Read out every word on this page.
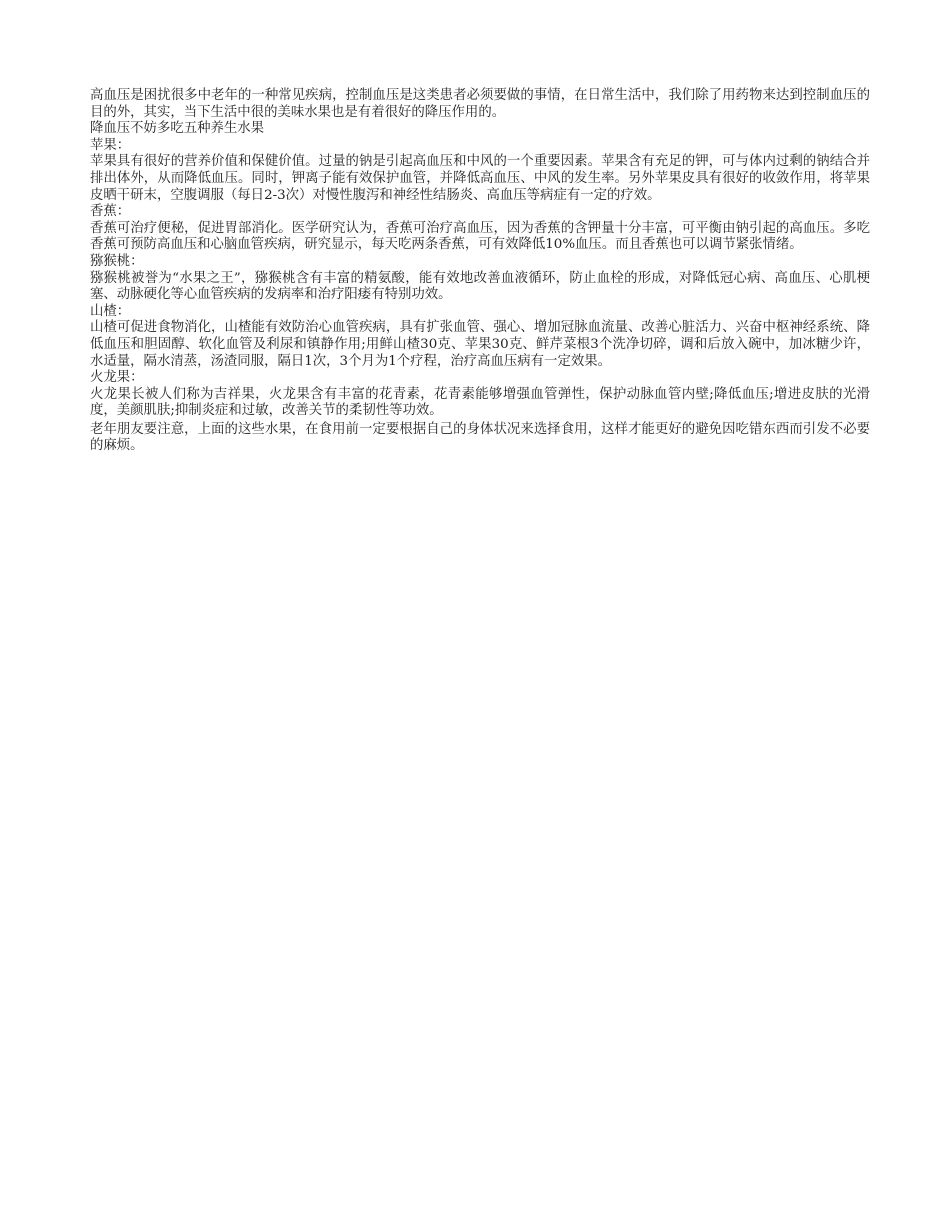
高血压是困扰很多中老年的一种常见疾病，控制血压是这类患者必须要做的事情，在日常生活中，我们除了用药物来达到控制血压的目的外，其实，当下生活中很的美味水果也是有着很好的降压作用的。

降血压不妨多吃五种养生水果
苹果：

苹果具有很好的营养价值和保健价值。过量的钠是引起高血压和中风的一个重要因素。苹果含有充足的钾，可与体内过剩的钠结合并排出体外，从而降低血压。同时，钾离子能有效保护血管，并降低高血压、中风的发生率。另外苹果皮具有很好的收敛作用，将苹果皮晒干研末，空腹调服（每日2-3次）对慢性腹泻和神经性结肠炎、高血压等病症有一定的疗效。

香蕉：

香蕉可治疗便秘，促进胃部消化。医学研究认为，香蕉可治疗高血压，因为香蕉的含钾量十分丰富，可平衡由钠引起的高血压。多吃香蕉可预防高血压和心脑血管疾病，研究显示，每天吃两条香蕉，可有效降低10%血压。而且香蕉也可以调节紧张情绪。

猕猴桃：

猕猴桃被誉为“水果之王”，猕猴桃含有丰富的精氨酸，能有效地改善血液循环，防止血栓的形成，对降低冠心病、高血压、心肌梗塞、动脉硬化等心血管疾病的发病率和治疗阳痿有特别功效。

山楂：

山楂可促进食物消化，山楂能有效防治心血管疾病，具有扩张血管、强心、增加冠脉血流量、改善心脏活力、兴奋中枢神经系统、降低血压和胆固醇、软化血管及利尿和镇静作用;用鲜山楂30克、苹果30克、鲜芹菜根3个洗净切碎，调和后放入碗中，加冰糖少许，水适量，隔水清蒸，汤渣同服，隔日1次，3个月为1个疗程，治疗高血压病有一定效果。

火龙果：

火龙果长被人们称为吉祥果，火龙果含有丰富的花青素，花青素能够增强血管弹性，保护动脉血管内壁;降低血压;增进皮肤的光滑度，美颜肌肤;抑制炎症和过敏，改善关节的柔韧性等功效。

老年朋友要注意，上面的这些水果，在食用前一定要根据自己的身体状况来选择食用，这样才能更好的避免因吃错东西而引发不必要的麻烦。
